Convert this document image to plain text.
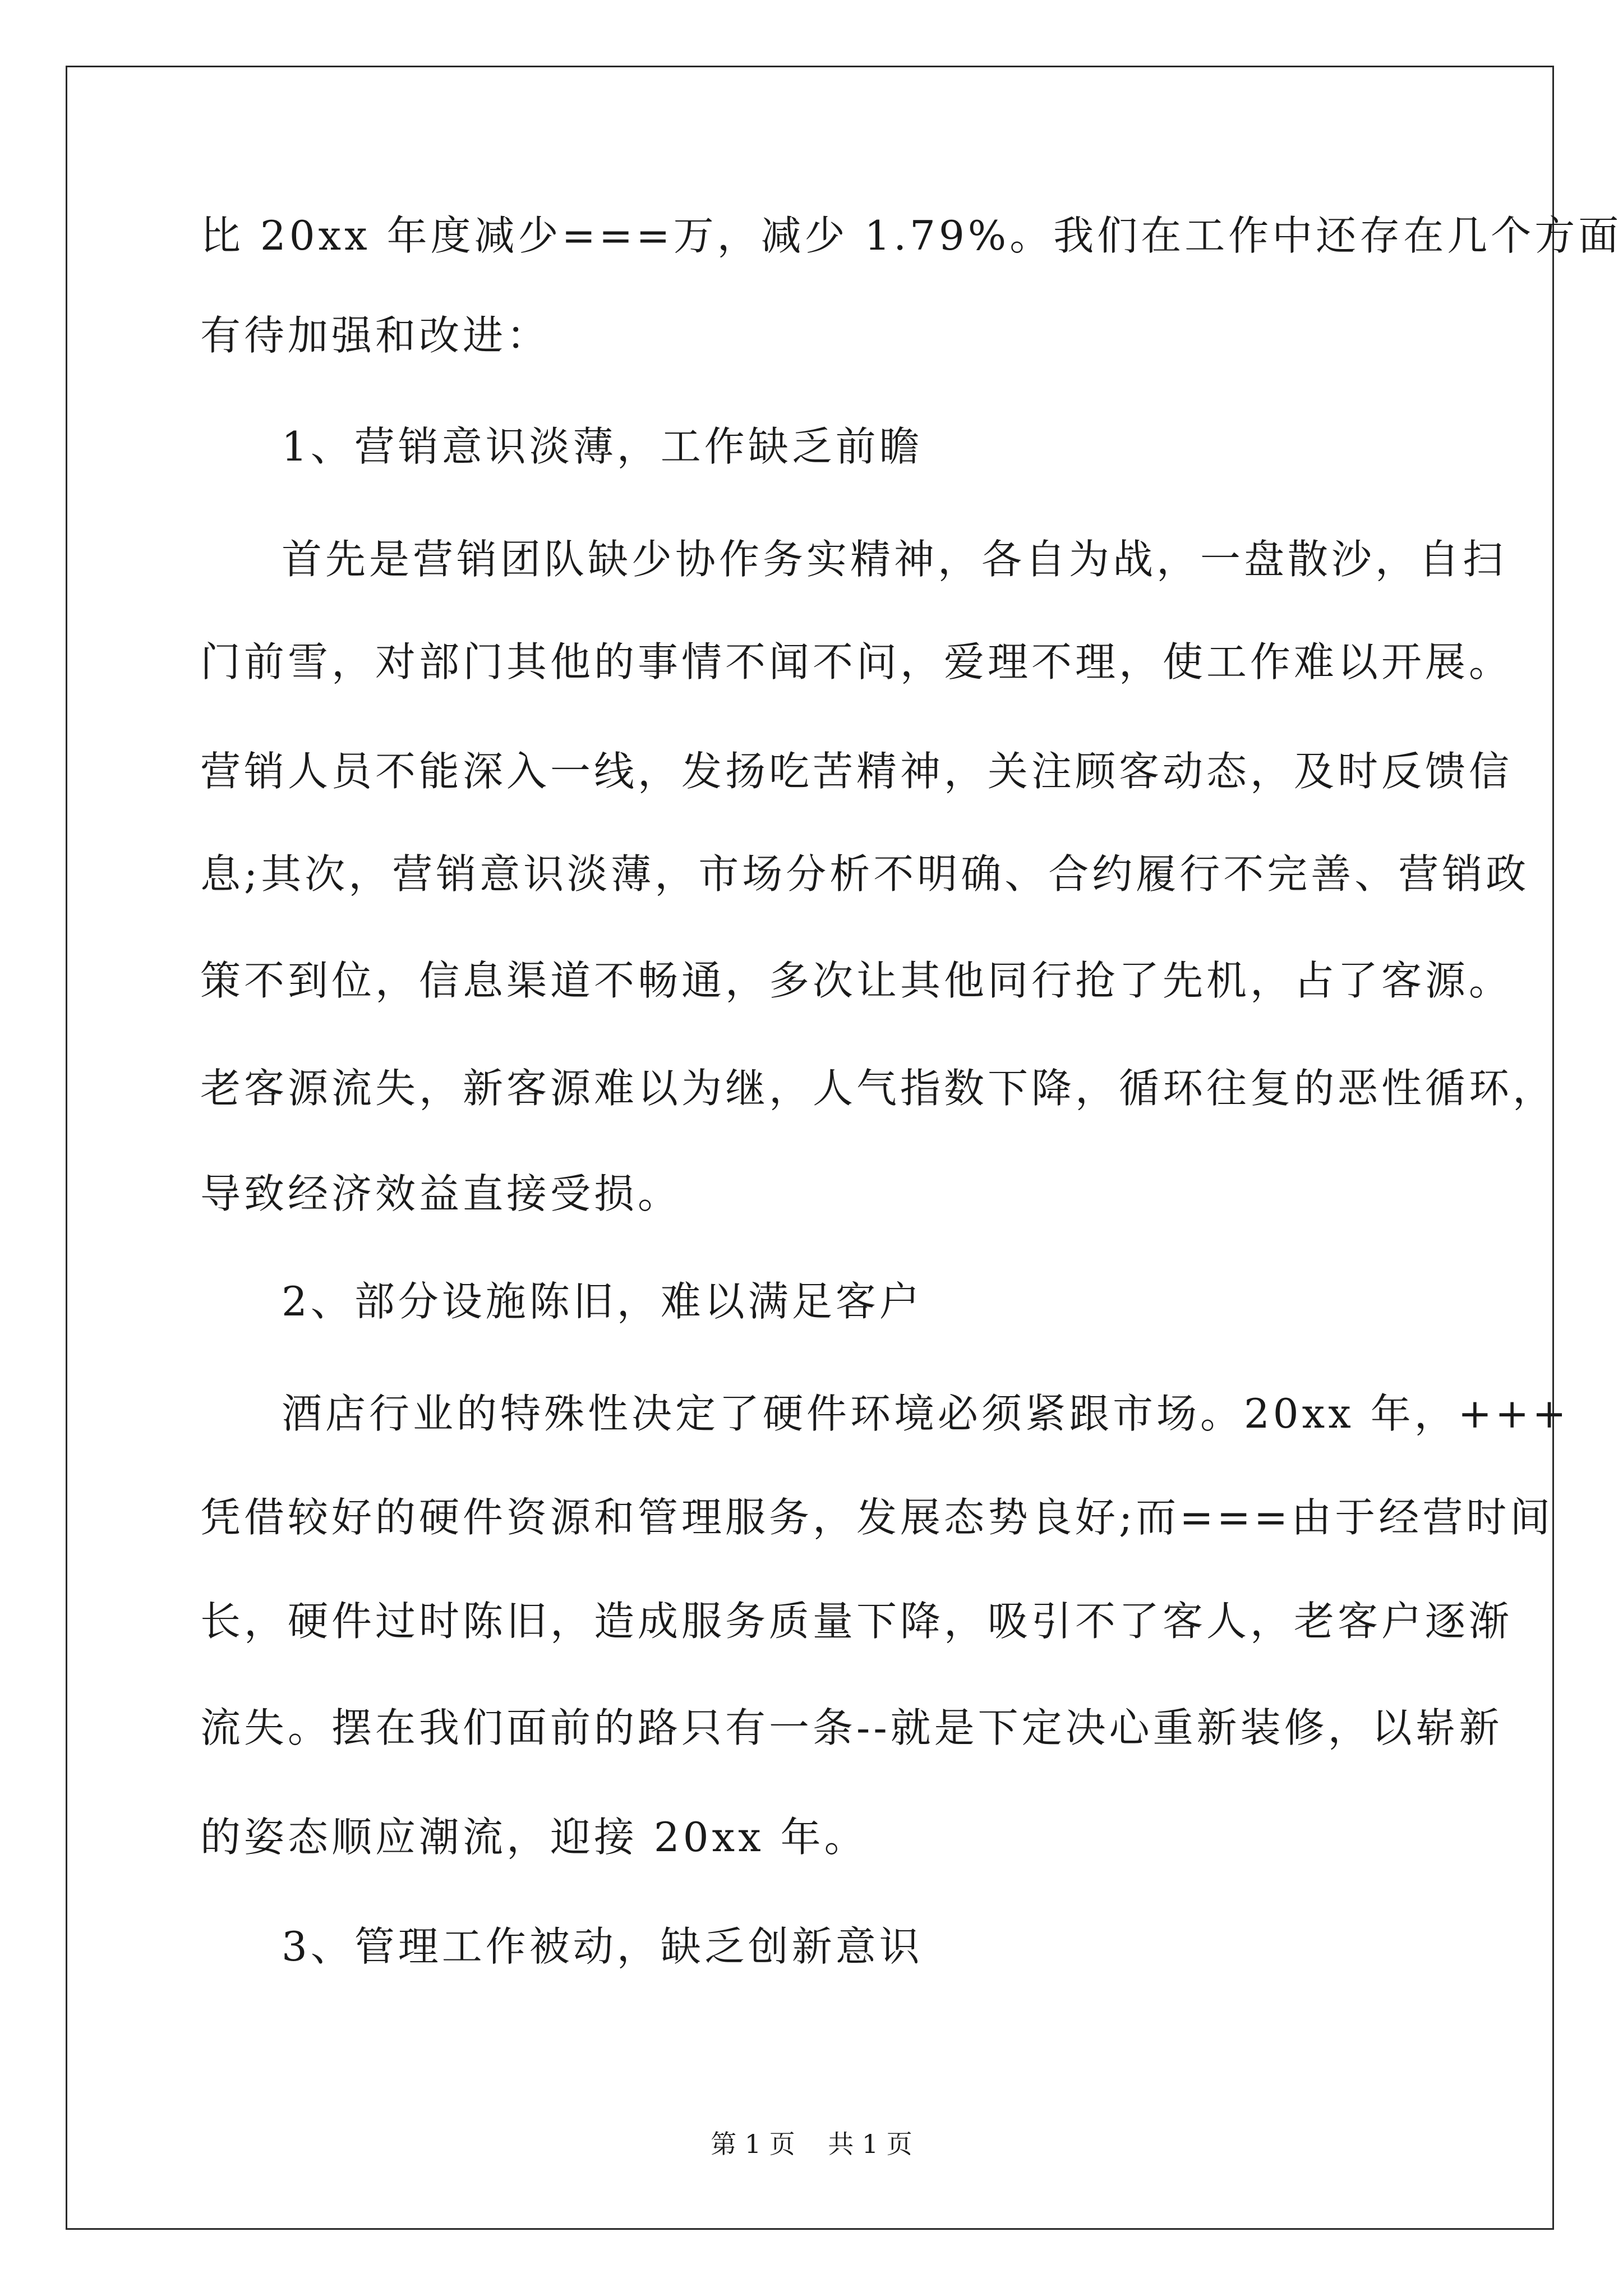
比 20xx 年度减少===万，减少 1.79%。我们在工作中还存在几个方面
有待加强和改进：
1、营销意识淡薄，工作缺乏前瞻
首先是营销团队缺少协作务实精神，各自为战，一盘散沙，自扫
门前雪，对部门其他的事情不闻不问，爱理不理，使工作难以开展。
营销人员不能深入一线，发扬吃苦精神，关注顾客动态，及时反馈信
息;其次，营销意识淡薄，市场分析不明确、合约履行不完善、营销政
策不到位，信息渠道不畅通，多次让其他同行抢了先机，占了客源。
老客源流失，新客源难以为继，人气指数下降，循环往复的恶性循环，
导致经济效益直接受损。
2、部分设施陈旧，难以满足客户
酒店行业的特殊性决定了硬件环境必须紧跟市场。20xx 年，+++
凭借较好的硬件资源和管理服务，发展态势良好;而===由于经营时间
长，硬件过时陈旧，造成服务质量下降，吸引不了客人，老客户逐渐
流失。摆在我们面前的路只有一条--就是下定决心重新装修，以崭新
的姿态顺应潮流，迎接 20xx 年。
3、管理工作被动，缺乏创新意识
第 1 页    共 1 页
